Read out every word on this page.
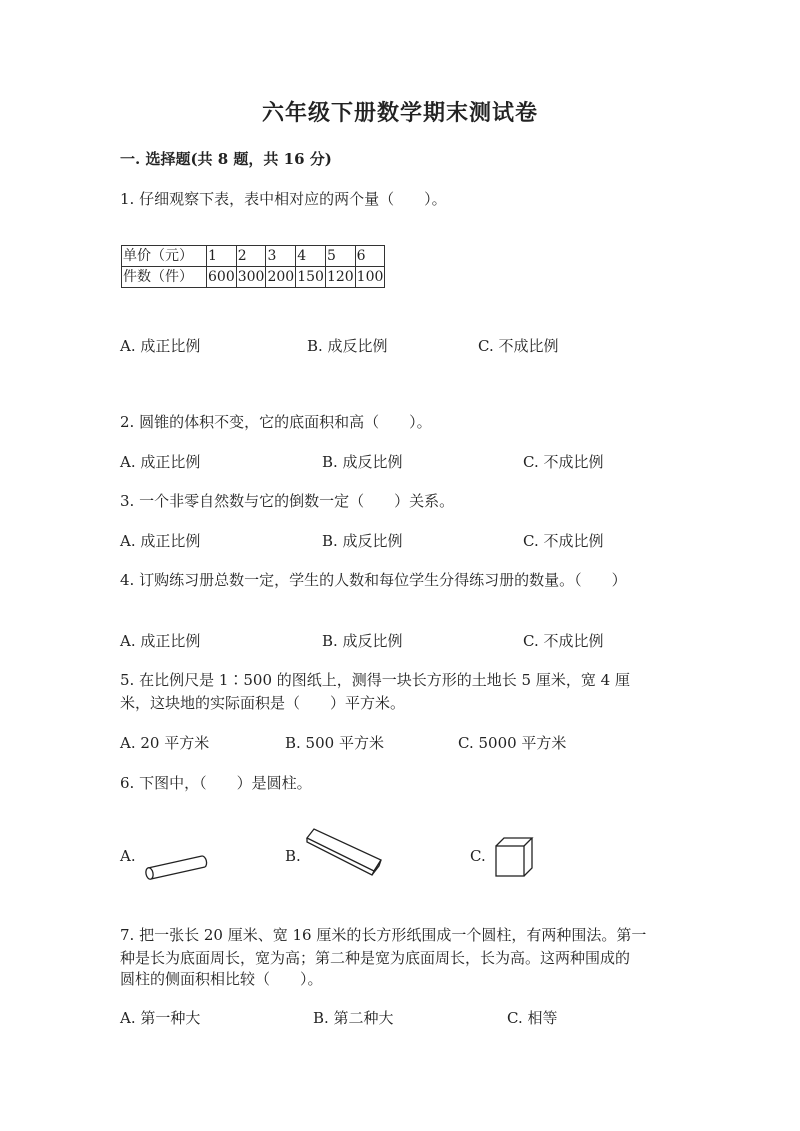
六年级下册数学期末测试卷
一. 选择题(共 8 题，共 16 分)
1. 仔细观察下表，表中相对应的两个量（　　）。
单价（元）	1	2	3	4	5	6
件数（件）	600	300	200	150	120	100
A. 成正比例	B. 成反比例	C. 不成比例
2. 圆锥的体积不变，它的底面积和高（　　）。
A. 成正比例	B. 成反比例	C. 不成比例
3. 一个非零自然数与它的倒数一定（　　）关系。
A. 成正比例	B. 成反比例	C. 不成比例
4. 订购练习册总数一定，学生的人数和每位学生分得练习册的数量。（　　）
A. 成正比例	B. 成反比例	C. 不成比例
5. 在比例尺是 1∶500 的图纸上，测得一块长方形的土地长 5 厘米，宽 4 厘
米，这块地的实际面积是（　　）平方米。
A. 20 平方米	B. 500 平方米	C. 5000 平方米
6. 下图中，（　　）是圆柱。
A.	B.	C.
7. 把一张长 20 厘米、宽 16 厘米的长方形纸围成一个圆柱，有两种围法。第一
种是长为底面周长，宽为高；第二种是宽为底面周长，长为高。这两种围成的
圆柱的侧面积相比较（　　）。
A. 第一种大	B. 第二种大	C. 相等
